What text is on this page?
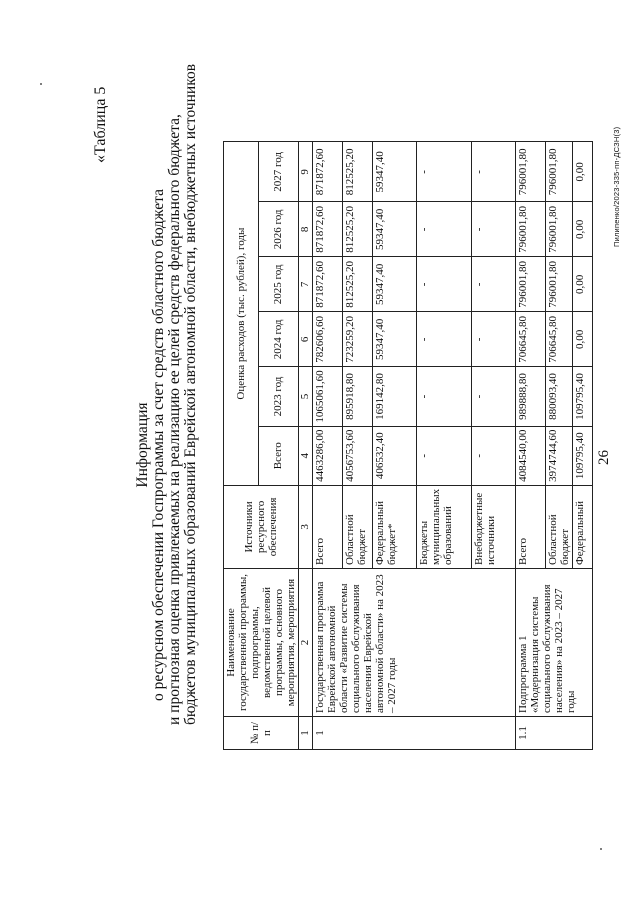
26
«Таблица 5
Информация о ресурсном обеспечении Госпрограммы за счет средств областного бюджета и прогнозная оценка привлекаемых на реализацию ее целей средств федерального бюджета, бюджетов муниципальных образований Еврейской автономной области, внебюджетных источников	Пилипенко/2023-335-пп-ДСЗН(3)
№ п/п	Наименование государственной программы, подпрограммы, ведомственной целевой программы, основного мероприятия, мероприятия	Источники ресурсного обеспечения	Оценка расходов (тыс. рублей), годы					
			Всего	2023 год	2024 год	2025 год	2026 год	2027 год
1	2	3	4	5	6	7	8	9
1	Государственная программа Еврейской автономной области «Развитие системы социального обслуживания населения Еврейской автономной области» на 2023 – 2027 годы	Всего	4463286,00	1065061,60	782606,60	871872,60	871872,60	871872,60
		Областной бюджет	4056753,60	895918,80	723259,20	812525,20	812525,20	812525,20
		Федеральный бюджет*	406532,40	169142,80	59347,40	59347,40	59347,40	59347,40
		Бюджеты муниципальных образований	-	-	-	-	-	-
		Внебюджетные источники	-	-	-	-	-	-
1.1	Подпрограмма 1 «Модернизация системы социального обслуживания населения» на 2023 – 2027 годы	Всего	4084540,00	989888,80	706645,80	796001,80	796001,80	796001,80
		Областной бюджет	3974744,60	880093,40	706645,80	796001,80	796001,80	796001,80
		Федеральный	109795,40	109795,40	0,00	0,00	0,00	0,00
